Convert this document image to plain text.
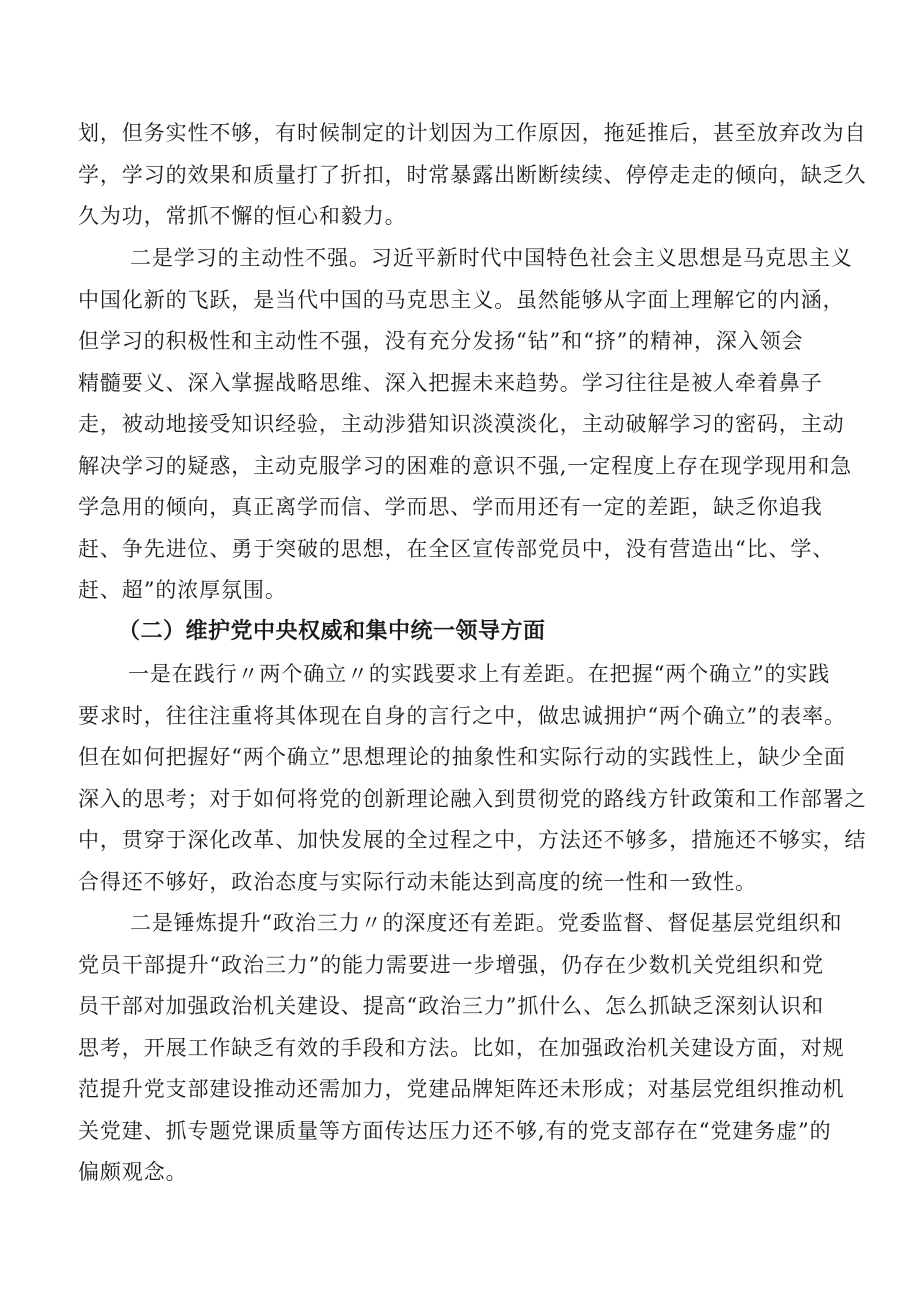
划，但务实性不够，有时候制定的计划因为工作原因，拖延推后，甚至放弃改为自
学，学习的效果和质量打了折扣，时常暴露出断断续续、停停走走的倾向，缺乏久
久为功，常抓不懈的恒心和毅力。
二是学习的主动性不强。习近平新时代中国特色社会主义思想是马克思主义
中国化新的飞跃，是当代中国的马克思主义。虽然能够从字面上理解它的内涵，
但学习的积极性和主动性不强，没有充分发扬“钻”和“挤”的精神，深入领会
精髓要义、深入掌握战略思维、深入把握未来趋势。学习往往是被人牵着鼻子
走，被动地接受知识经验，主动涉猎知识淡漠淡化，主动破解学习的密码，主动
解决学习的疑惑，主动克服学习的困难的意识不强,一定程度上存在现学现用和急
学急用的倾向，真正离学而信、学而思、学而用还有一定的差距，缺乏你追我
赶、争先进位、勇于突破的思想，在全区宣传部党员中，没有营造出“比、学、
赶、超”的浓厚氛围。
（二）维护党中央权威和集中统一领导方面
一是在践行〃两个确立〃的实践要求上有差距。在把握“两个确立”的实践
要求时，往往注重将其体现在自身的言行之中，做忠诚拥护“两个确立”的表率。
但在如何把握好“两个确立”思想理论的抽象性和实际行动的实践性上，缺少全面
深入的思考；对于如何将党的创新理论融入到贯彻党的路线方针政策和工作部署之
中，贯穿于深化改革、加快发展的全过程之中，方法还不够多，措施还不够实，结
合得还不够好，政治态度与实际行动未能达到高度的统一性和一致性。
二是锤炼提升“政治三力〃的深度还有差距。党委监督、督促基层党组织和
党员干部提升“政治三力”的能力需要进一步增强，仍存在少数机关党组织和党
员干部对加强政治机关建设、提高“政治三力”抓什么、怎么抓缺乏深刻认识和
思考，开展工作缺乏有效的手段和方法。比如，在加强政治机关建设方面，对规
范提升党支部建设推动还需加力，党建品牌矩阵还未形成；对基层党组织推动机
关党建、抓专题党课质量等方面传达压力还不够,有的党支部存在“党建务虚”的
偏颇观念。
